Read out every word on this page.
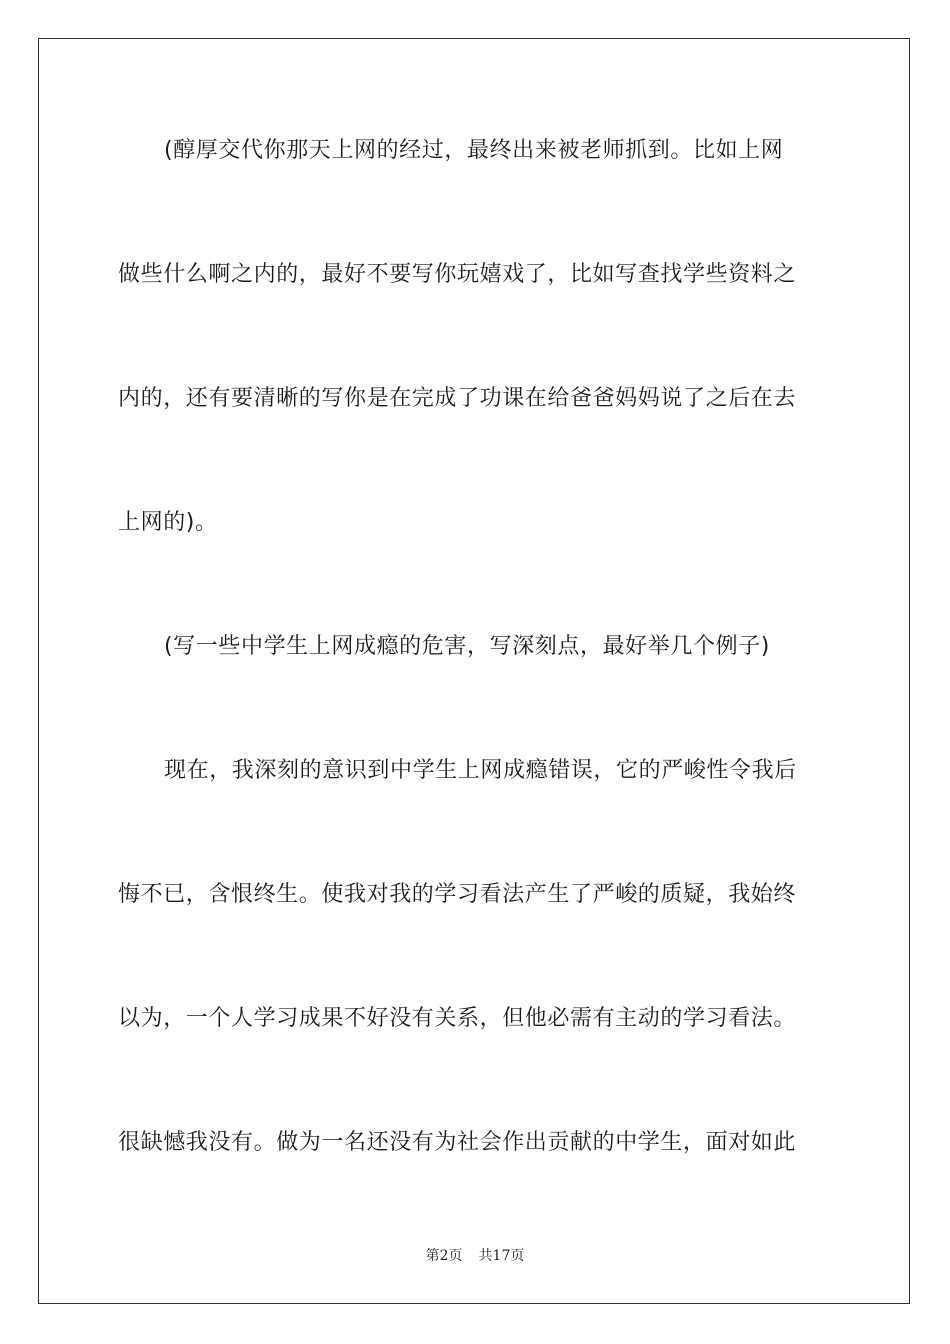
(醇厚交代你那天上网的经过，最终出来被老师抓到。比如上网
做些什么啊之内的，最好不要写你玩嬉戏了，比如写查找学些资料之
内的，还有要清晰的写你是在完成了功课在给爸爸妈妈说了之后在去
上网的)。
(写一些中学生上网成瘾的危害，写深刻点，最好举几个例子)
现在，我深刻的意识到中学生上网成瘾错误，它的严峻性令我后
悔不已，含恨终生。使我对我的学习看法产生了严峻的质疑，我始终
以为，一个人学习成果不好没有关系，但他必需有主动的学习看法。
很缺憾我没有。做为一名还没有为社会作出贡献的中学生，面对如此
第2页 共17页
